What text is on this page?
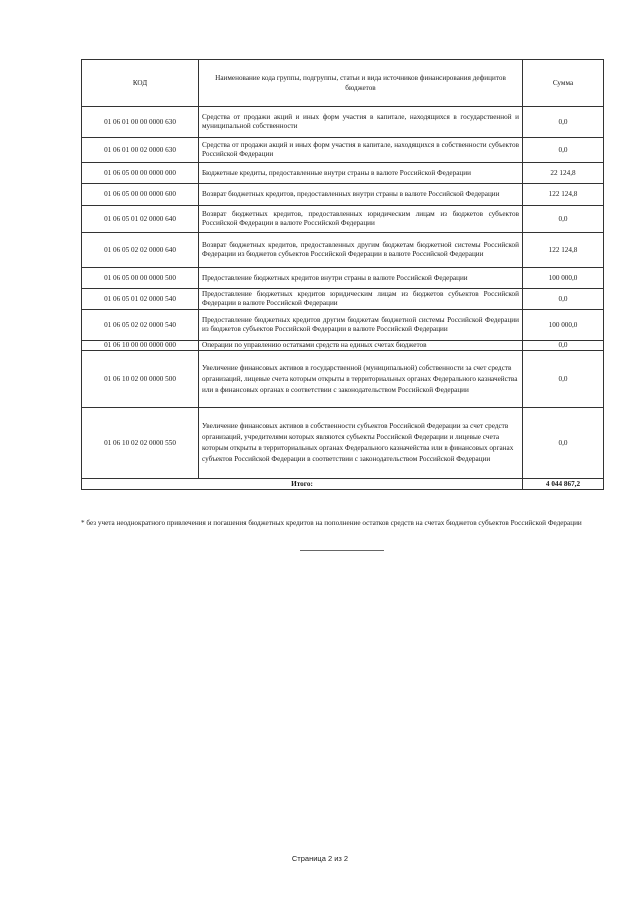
КОД	Наименование кода группы, подгруппы, статьи и вида источников финансирования дефицитов бюджетов	Сумма
01 06 01 00 00 0000 630	Средства от продажи акций и иных форм участия в капитале, находящихся в государственной и муниципальной собственности	0,0
01 06 01 00 02 0000 630	Средства от продажи акций и иных форм участия в капитале, находящихся в собственности субъектов Российской Федерации	0,0
01 06 05 00 00 0000 000	Бюджетные кредиты, предоставленные внутри страны в валюте Российской Федерации	22 124,8
01 06 05 00 00 0000 600	Возврат бюджетных кредитов, предоставленных внутри страны в валюте Российской Федерации	122 124,8
01 06 05 01 02 0000 640	Возврат бюджетных кредитов, предоставленных юридическим лицам из бюджетов субъектов Российской Федерации в валюте Российской Федерации	0,0
01 06 05 02 02 0000 640	Возврат бюджетных кредитов, предоставленных другим бюджетам бюджетной системы Российской Федерации из бюджетов субъектов Российской Федерации в валюте Российской Федерации	122 124,8
01 06 05 00 00 0000 500	Предоставление бюджетных кредитов внутри страны в валюте Российской Федерации	100 000,0
01 06 05 01 02 0000 540	Предоставление бюджетных кредитов юридическим лицам из бюджетов субъектов Российской Федерации в валюте Российской Федерации	0,0
01 06 05 02 02 0000 540	Предоставление бюджетных кредитов другим бюджетам бюджетной системы Российской Федерации из бюджетов субъектов Российской Федерации в валюте Российской Федерации	100 000,0
01 06 10 00 00 0000 000	Операции по управлению остатками средств на единых счетах бюджетов	0,0
01 06 10 02 00 0000 500	Увеличение финансовых активов в государственной (муниципальной) собственности за счет средств организаций, лицевые счета которым открыты в территориальных органах Федерального казначейства или в финансовых органах в соответствии с законодательством Российской Федерации	0,0
01 06 10 02 02 0000 550	Увеличение финансовых активов в собственности субъектов Российской Федерации за счет средств организаций, учредителями которых являются субъекты Российской Федерации и лицевые счета которым открыты в территориальных органах Федерального казначейства или в финансовых органах субъектов Российской Федерации в соответствии с законодательством Российской Федерации	0,0
Итого:		4 044 867,2
* без учета неоднократного привлечения и погашения бюджетных кредитов на пополнение остатков средств на счетах бюджетов субъектов Российской Федерации
Страница 2 из 2
